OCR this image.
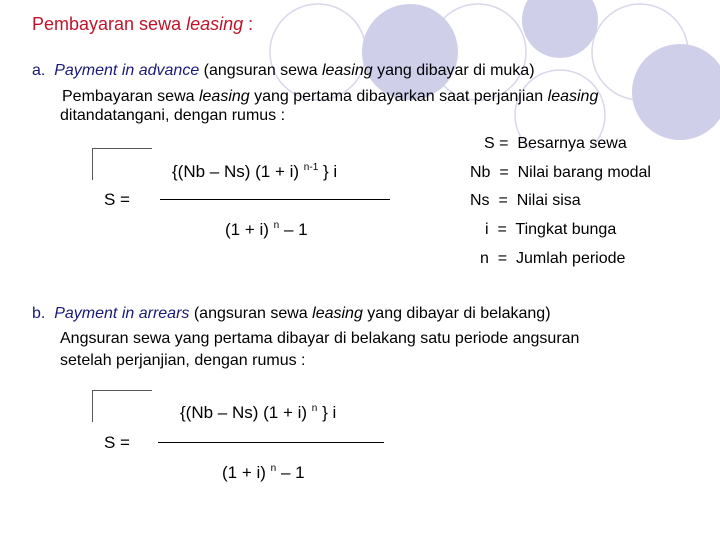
Pembayaran sewa leasing :
a. Payment in advance (angsuran sewa leasing yang dibayar di muka)
Pembayaran sewa leasing yang pertama dibayarkan saat perjanjian leasing
ditandatangani, dengan rumus :
{(Nb – Ns) (1 + i) $^{n-1}$ } i
S =
(1 + i) $^n$ – 1
S = Besarnya sewa
Nb = Nilai barang modal
Ns = Nilai sisa
i = Tingkat bunga
n = Jumlah periode
b. Payment in arrears (angsuran sewa leasing yang dibayar di belakang)
Angsuran sewa yang pertama dibayar di belakang satu periode angsuran
setelah perjanjian, dengan rumus :
{(Nb – Ns) (1 + i) $^n$ } i
S =
(1 + i) $^n$ – 1
